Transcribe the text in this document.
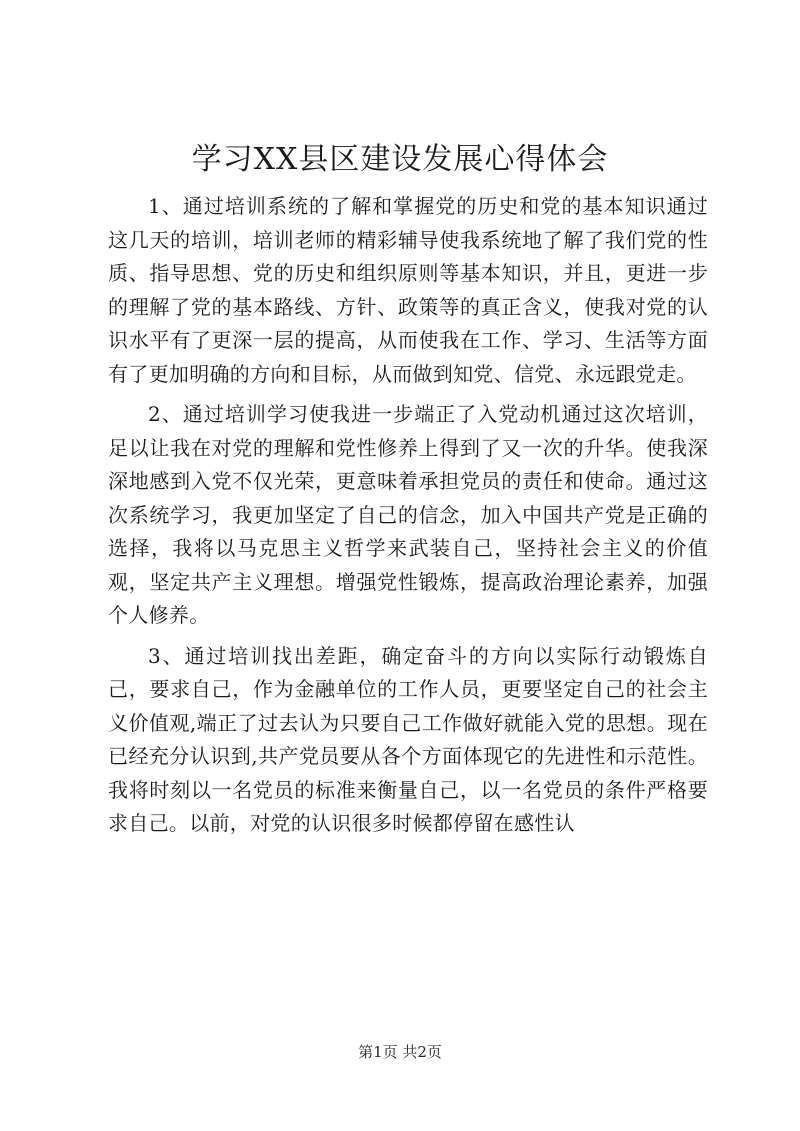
学习XX县区建设发展心得体会

1、通过培训系统的了解和掌握党的历史和党的基本知识通过这几天的培训，培训老师的精彩辅导使我系统地了解了我们党的性质、指导思想、党的历史和组织原则等基本知识，并且，更进一步的理解了党的基本路线、方针、政策等的真正含义，使我对党的认识水平有了更深一层的提高，从而使我在工作、学习、生活等方面有了更加明确的方向和目标，从而做到知党、信党、永远跟党走。

2、通过培训学习使我进一步端正了入党动机通过这次培训，足以让我在对党的理解和党性修养上得到了又一次的升华。使我深深地感到入党不仅光荣，更意味着承担党员的责任和使命。通过这次系统学习，我更加坚定了自己的信念，加入中国共产党是正确的选择，我将以马克思主义哲学来武装自己，坚持社会主义的价值观，坚定共产主义理想。增强党性锻炼，提高政治理论素养，加强个人修养。

3、通过培训找出差距，确定奋斗的方向以实际行动锻炼自己，要求自己，作为金融单位的工作人员，更要坚定自己的社会主义价值观,端正了过去认为只要自己工作做好就能入党的思想。现在已经充分认识到,共产党员要从各个方面体现它的先进性和示范性。我将时刻以一名党员的标准来衡量自己，以一名党员的条件严格要求自己。以前，对党的认识很多时候都停留在感性认

第1页 共2页
